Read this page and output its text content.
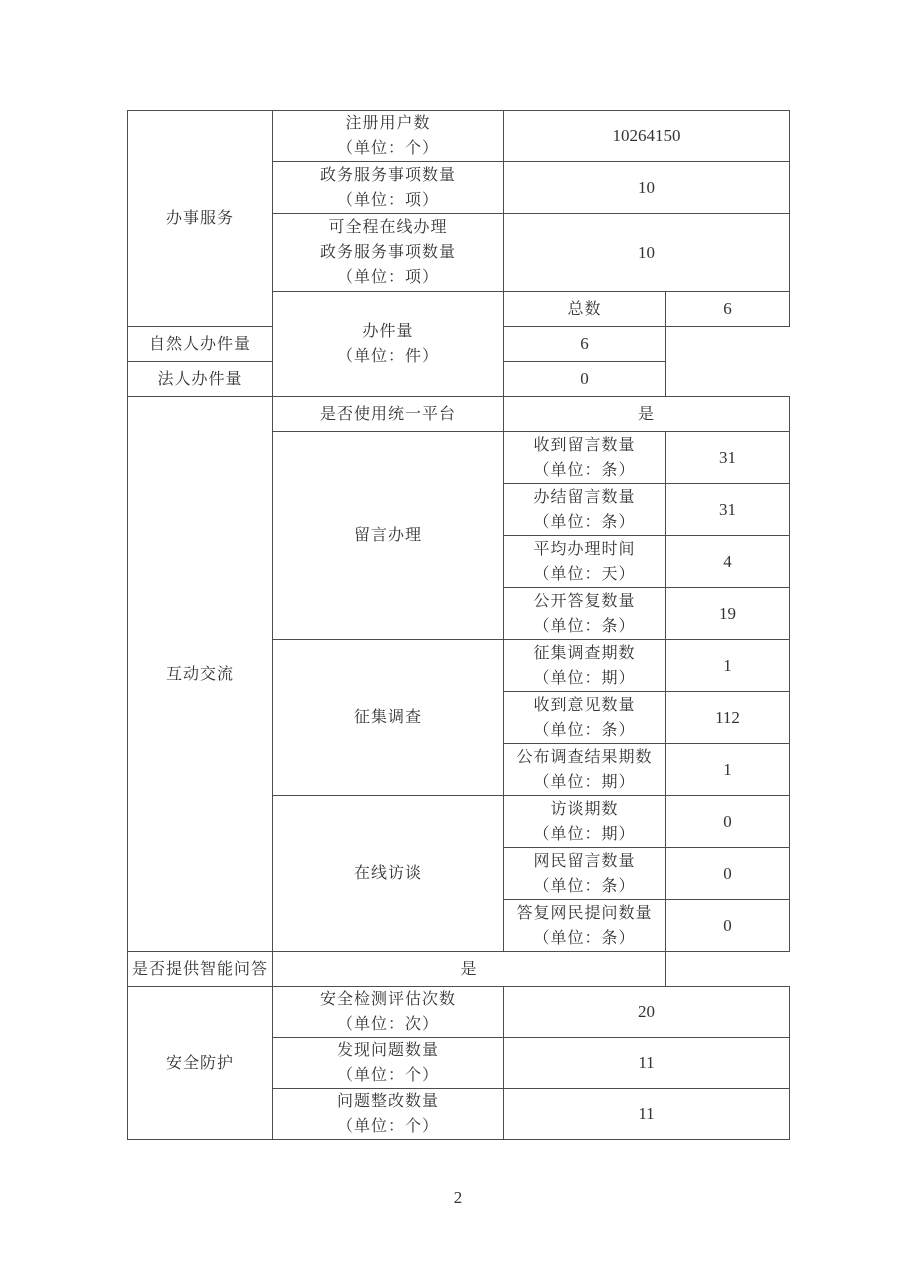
办事服务	注册用户数
（单位：个）	10264150	

	政务服务事项数量
（单位：项）	10	

	可全程在线办理
政务服务事项数量
（单位：项）	10	

	办件量
（单位：件）	总数	6

自然人办件量		6	

法人办件量		0	

互动交流	是否使用统一平台	是	

	留言办理	收到留言数量
（单位：条）	31

		办结留言数量
（单位：条）	31

		平均办理时间
（单位：天）	4

		公开答复数量
（单位：条）	19

	征集调查	征集调查期数
（单位：期）	1

		收到意见数量
（单位：条）	112

		公布调查结果期数
（单位：期）	1

	在线访谈	访谈期数
（单位：期）	0

		网民留言数量
（单位：条）	0

		答复网民提问数量
（单位：条）	0

是否提供智能问答	是		

安全防护	安全检测评估次数
（单位：次）	20	

	发现问题数量
（单位：个）	11	

	问题整改数量
（单位：个）	11	
2
